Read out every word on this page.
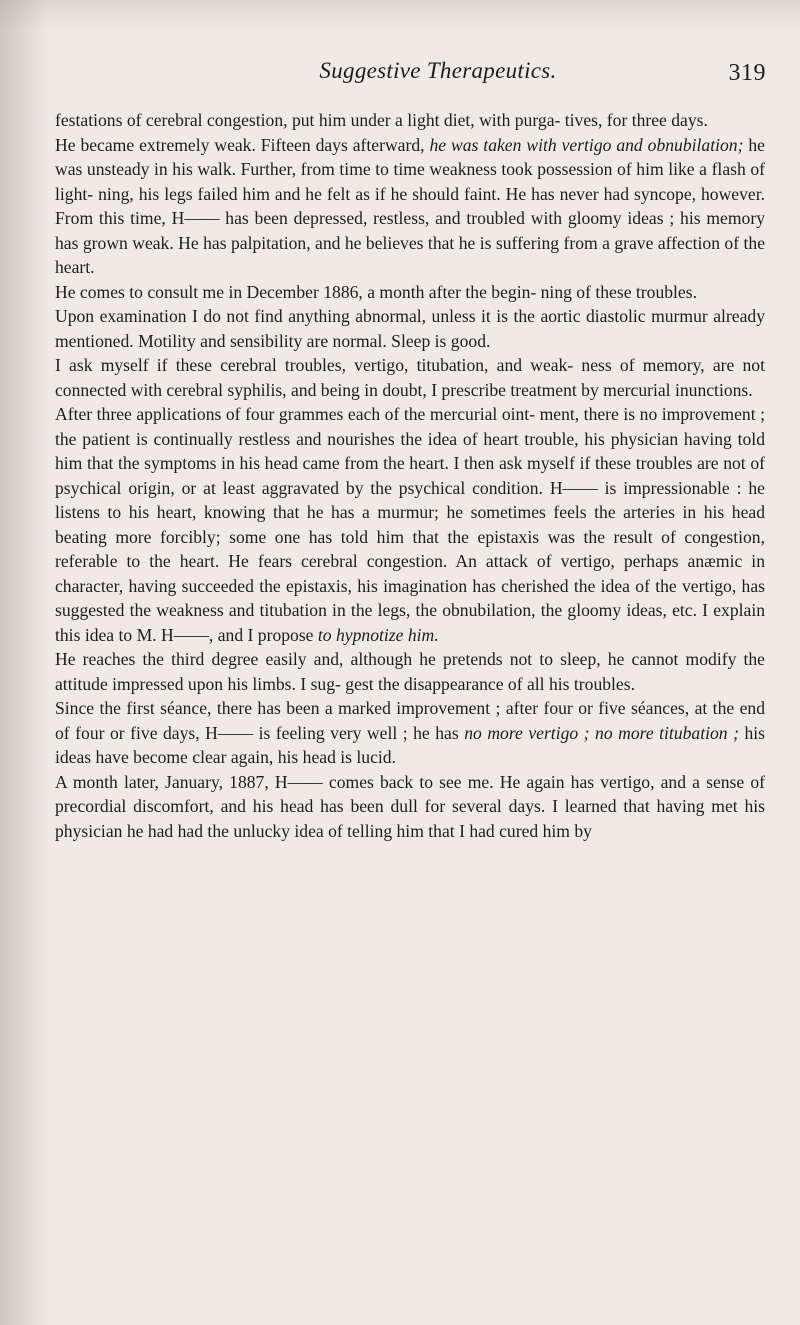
Suggestive Therapeutics.	319

festations of cerebral congestion, put him under a light diet, with purga- tives, for three days.

He became extremely weak. Fifteen days afterward, he was taken with vertigo and obnubilation; he was unsteady in his walk. Further, from time to time weakness took possession of him like a flash of light- ning, his legs failed him and he felt as if he should faint. He has never had syncope, however. From this time, H—— has been depressed, restless, and troubled with gloomy ideas ; his memory has grown weak. He has palpitation, and he believes that he is suffering from a grave affection of the heart.

He comes to consult me in December 1886, a month after the begin- ning of these troubles.

Upon examination I do not find anything abnormal, unless it is the aortic diastolic murmur already mentioned. Motility and sensibility are normal. Sleep is good.

I ask myself if these cerebral troubles, vertigo, titubation, and weak- ness of memory, are not connected with cerebral syphilis, and being in doubt, I prescribe treatment by mercurial inunctions.

After three applications of four grammes each of the mercurial oint- ment, there is no improvement ; the patient is continually restless and nourishes the idea of heart trouble, his physician having told him that the symptoms in his head came from the heart. I then ask myself if these troubles are not of psychical origin, or at least aggravated by the psychical condition. H—— is impressionable : he listens to his heart, knowing that he has a murmur; he sometimes feels the arteries in his head beating more forcibly; some one has told him that the epistaxis was the result of congestion, referable to the heart. He fears cerebral congestion. An attack of vertigo, perhaps anæmic in character, having succeeded the epistaxis, his imagination has cherished the idea of the vertigo, has suggested the weakness and titubation in the legs, the obnubilation, the gloomy ideas, etc. I explain this idea to M. H——, and I propose to hypnotize him.

He reaches the third degree easily and, although he pretends not to sleep, he cannot modify the attitude impressed upon his limbs. I sug- gest the disappearance of all his troubles.

Since the first séance, there has been a marked improvement ; after four or five séances, at the end of four or five days, H—— is feeling very well ; he has no more vertigo ; no more titubation ; his ideas have become clear again, his head is lucid.

A month later, January, 1887, H—— comes back to see me. He again has vertigo, and a sense of precordial discomfort, and his head has been dull for several days. I learned that having met his physician he had had the unlucky idea of telling him that I had cured him by
